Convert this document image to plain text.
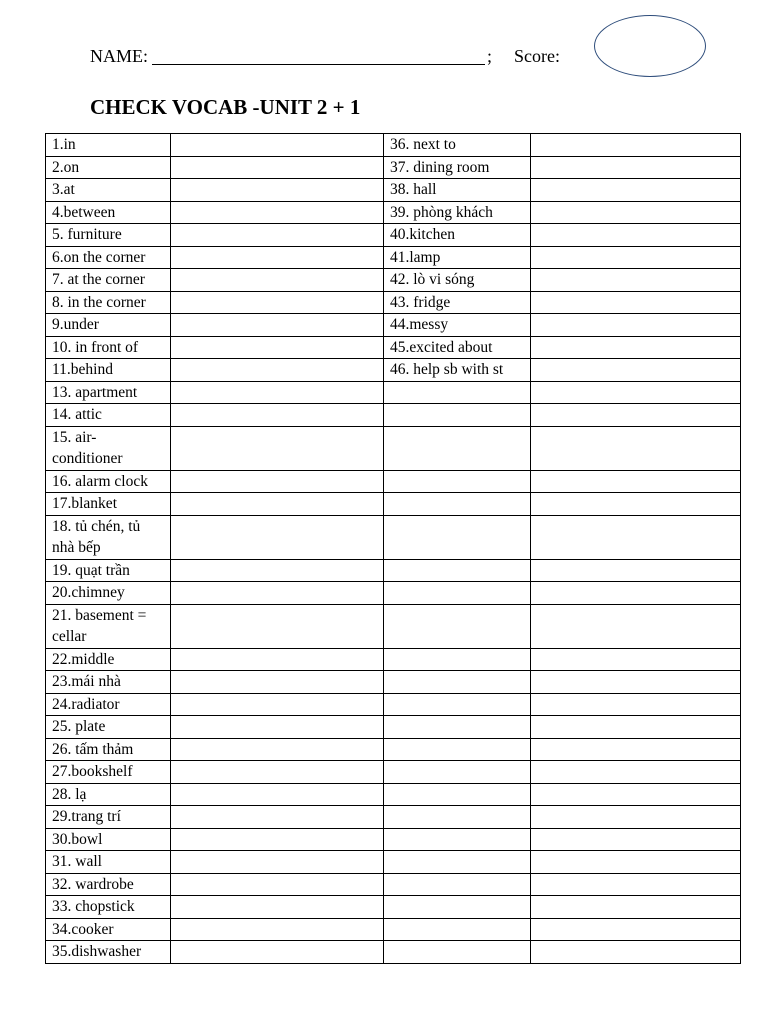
NAME:	; Score:
CHECK VOCAB -UNIT 2 + 1
1.in		36. next to	
2.on		37. dining room	
3.at		38. hall	
4.between		39. phòng khách	
5. furniture		40.kitchen	
6.on the corner		41.lamp	
7. at the corner		42. lò vi sóng	
8. in the corner		43. fridge	
9.under		44.messy	
10. in front of		45.excited about	
11.behind		46. help sb with st	
13. apartment			
14. attic			
15. air-conditioner			
16. alarm clock			
17.blanket			
18. tủ chén, tủ nhà bếp			
19. quạt trần			
20.chimney			
21. basement = cellar			
22.middle			
23.mái nhà			
24.radiator			
25. plate			
26. tấm thảm			
27.bookshelf			
28. lạ			
29.trang trí			
30.bowl			
31. wall			
32. wardrobe			
33. chopstick			
34.cooker			
35.dishwasher			
